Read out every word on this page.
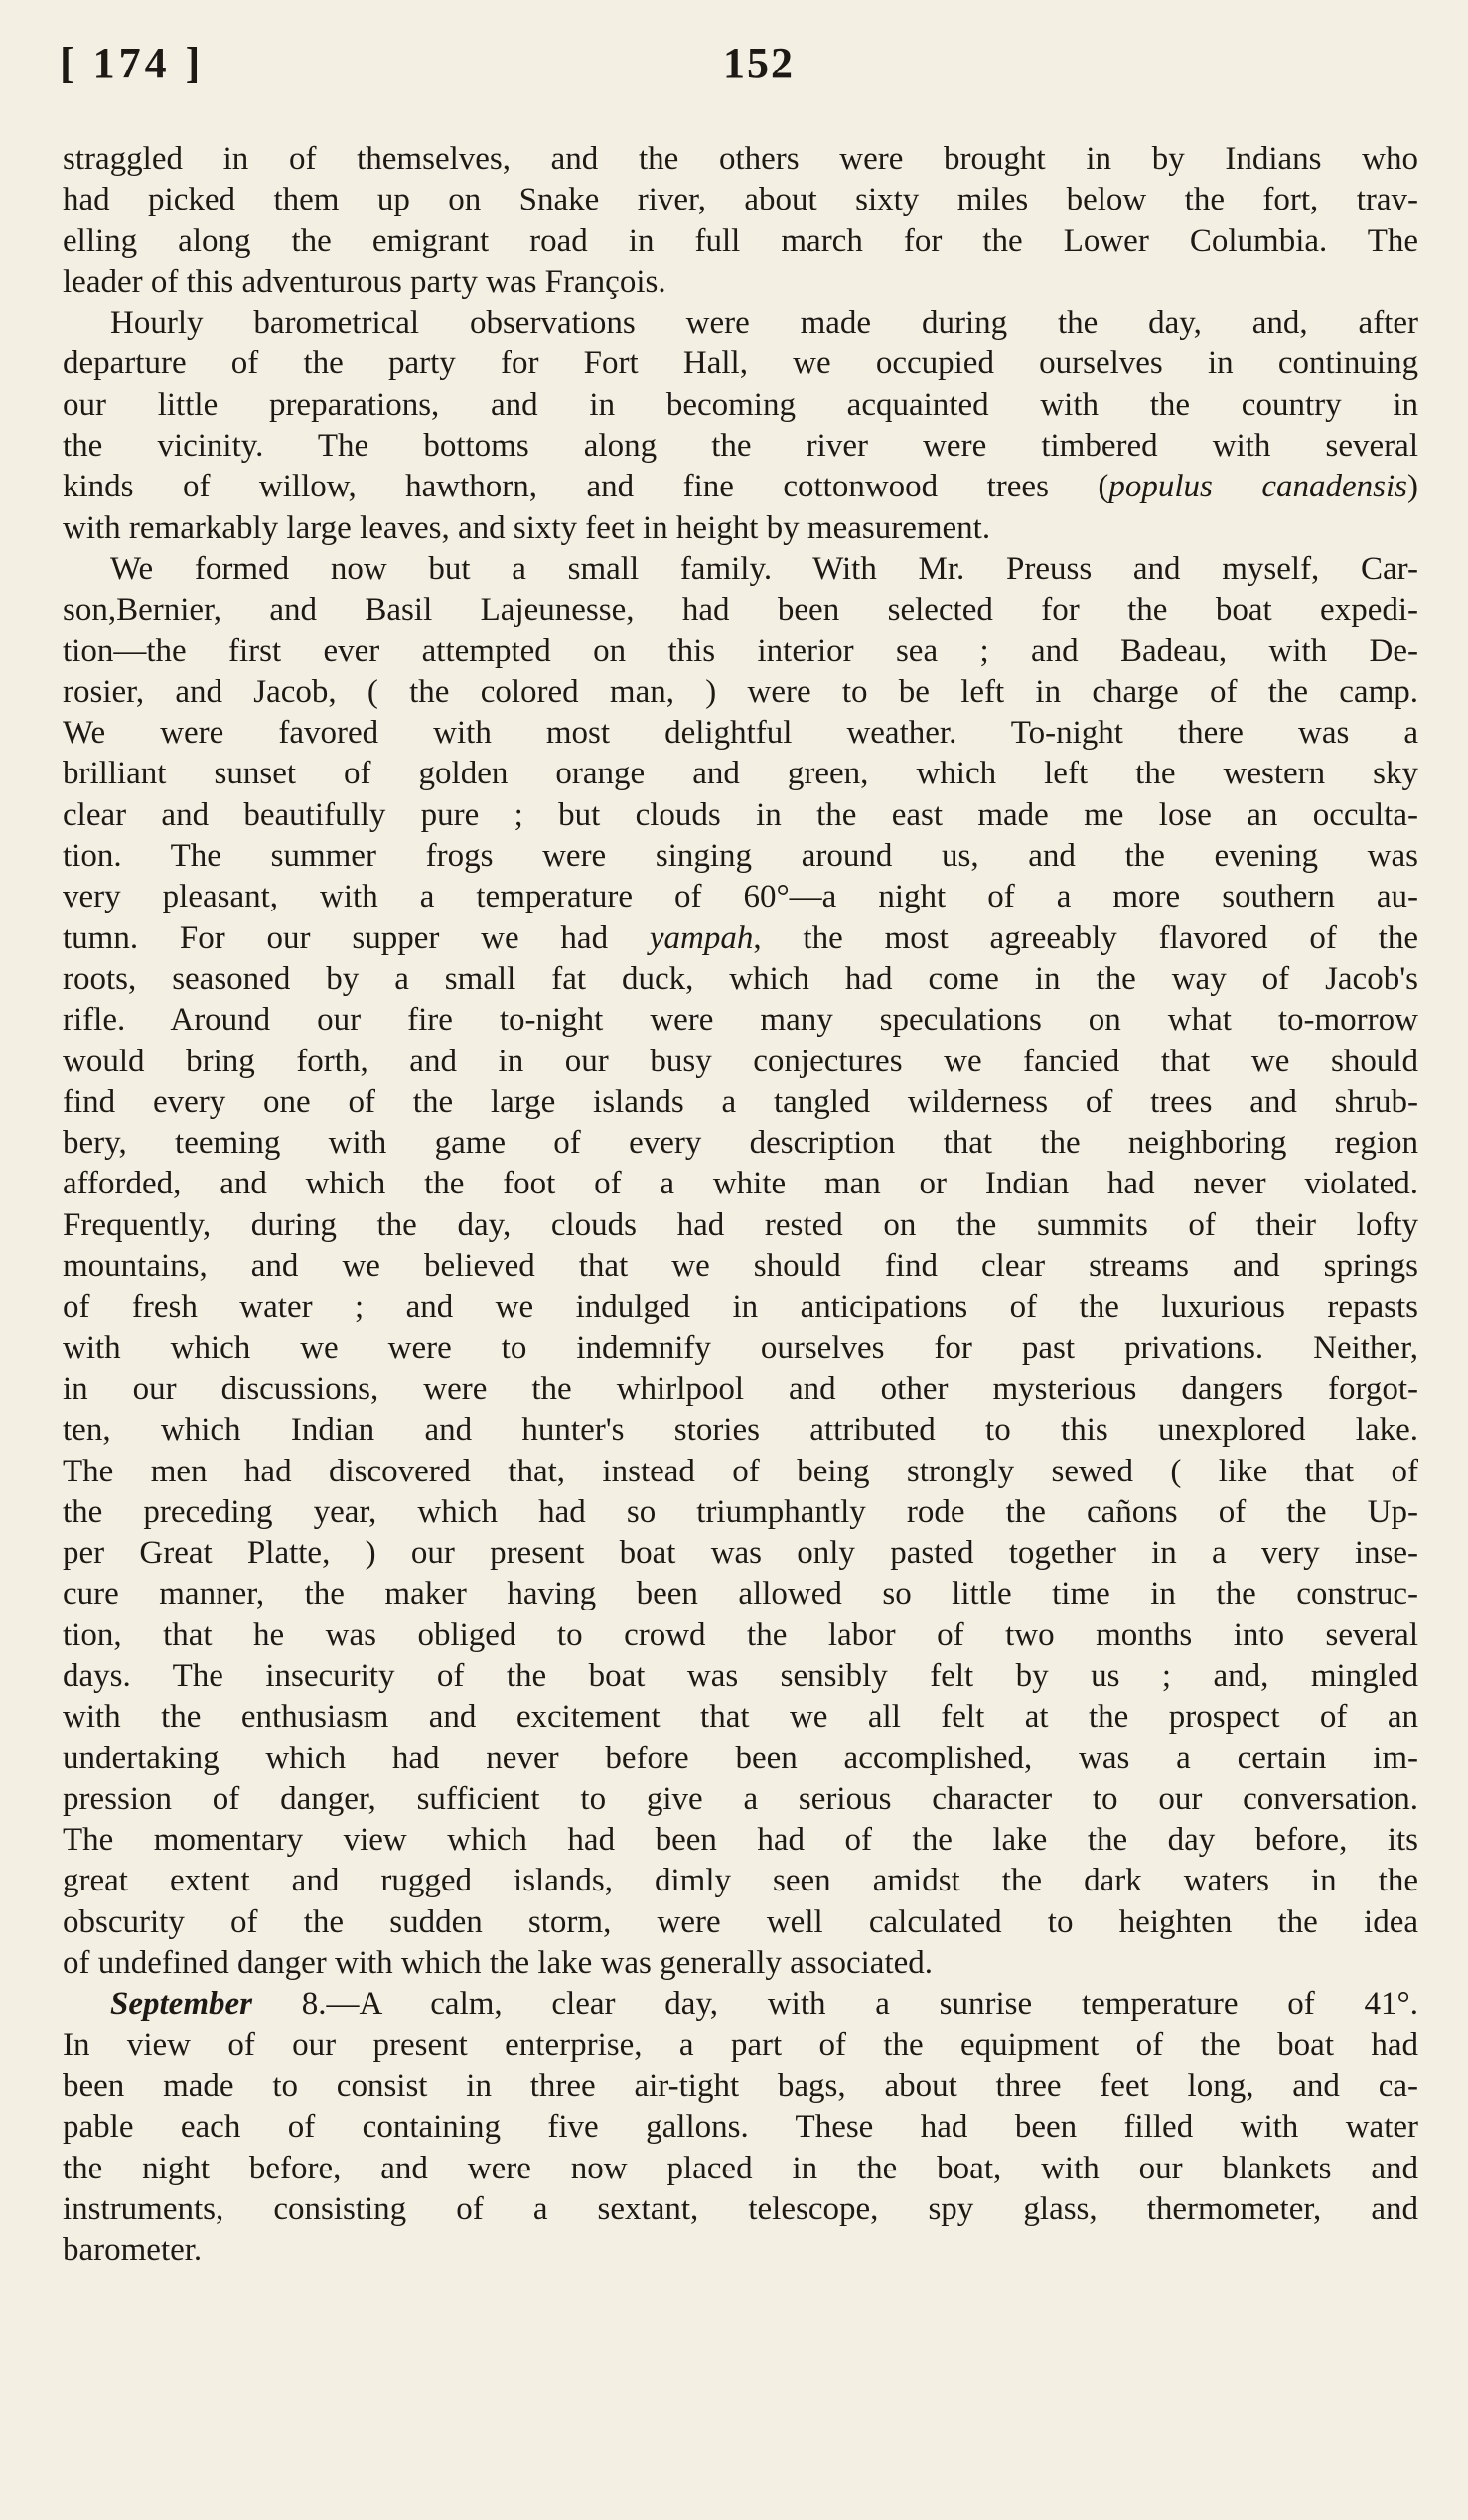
[ 174 ]	152
straggled in of themselves, and the others were brought in by Indians who
had picked them up on Snake river, about sixty miles below the fort, trav-
elling along the emigrant road in full march for the Lower Columbia. The
leader of this adventurous party was François.
Hourly barometrical observations were made during the day, and, after
departure of the party for Fort Hall, we occupied ourselves in continuing
our little preparations, and in becoming acquainted with the country in
the vicinity. The bottoms along the river were timbered with several
kinds of willow, hawthorn, and fine cottonwood trees (populus canadensis)
with remarkably large leaves, and sixty feet in height by measurement.
We formed now but a small family. With Mr. Preuss and myself, Car-
son,Bernier, and Basil Lajeunesse, had been selected for the boat expedi-
tion—the first ever attempted on this interior sea ; and Badeau, with De-
rosier, and Jacob, ( the colored man, ) were to be left in charge of the camp.
We were favored with most delightful weather. To-night there was a
brilliant sunset of golden orange and green, which left the western sky
clear and beautifully pure ; but clouds in the east made me lose an occulta-
tion. The summer frogs were singing around us, and the evening was
very pleasant, with a temperature of 60°—a night of a more southern au-
tumn. For our supper we had yampah, the most agreeably flavored of the
roots, seasoned by a small fat duck, which had come in the way of Jacob's
rifle. Around our fire to-night were many speculations on what to-morrow
would bring forth, and in our busy conjectures we fancied that we should
find every one of the large islands a tangled wilderness of trees and shrub-
bery, teeming with game of every description that the neighboring region
afforded, and which the foot of a white man or Indian had never violated.
Frequently, during the day, clouds had rested on the summits of their lofty
mountains, and we believed that we should find clear streams and springs
of fresh water ; and we indulged in anticipations of the luxurious repasts
with which we were to indemnify ourselves for past privations. Neither,
in our discussions, were the whirlpool and other mysterious dangers forgot-
ten, which Indian and hunter's stories attributed to this unexplored lake.
The men had discovered that, instead of being strongly sewed ( like that of
the preceding year, which had so triumphantly rode the cañons of the Up-
per Great Platte, ) our present boat was only pasted together in a very inse-
cure manner, the maker having been allowed so little time in the construc-
tion, that he was obliged to crowd the labor of two months into several
days. The insecurity of the boat was sensibly felt by us ; and, mingled
with the enthusiasm and excitement that we all felt at the prospect of an
undertaking which had never before been accomplished, was a certain im-
pression of danger, sufficient to give a serious character to our conversation.
The momentary view which had been had of the lake the day before, its
great extent and rugged islands, dimly seen amidst the dark waters in the
obscurity of the sudden storm, were well calculated to heighten the idea
of undefined danger with which the lake was generally associated.
September 8.—A calm, clear day, with a sunrise temperature of 41°.
In view of our present enterprise, a part of the equipment of the boat had
been made to consist in three air-tight bags, about three feet long, and ca-
pable each of containing five gallons. These had been filled with water
the night before, and were now placed in the boat, with our blankets and
instruments, consisting of a sextant, telescope, spy glass, thermometer, and
barometer.
